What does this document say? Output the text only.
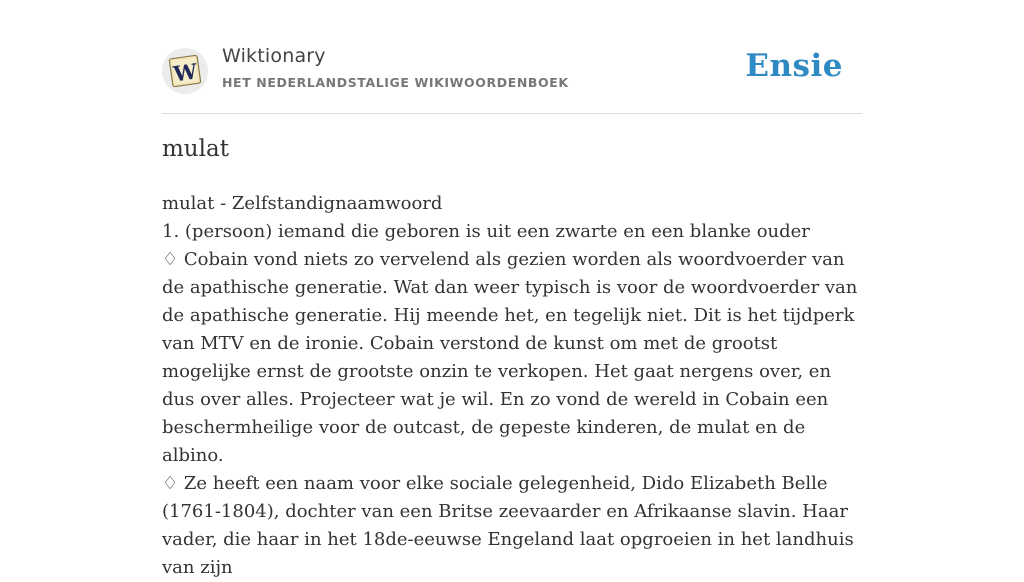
W
Wiktionary
HET NEDERLANDSTALIGE WIKIWOORDENBOEK	Ensie
mulat

mulat - Zelfstandignaamwoord

1. (persoon) iemand die geboren is uit een zwarte en een blanke ouder

♢ Cobain vond niets zo vervelend als gezien worden als woordvoerder van de apathische generatie. Wat dan weer typisch is voor de woordvoerder van de apathische generatie. Hij meende het, en tegelijk niet. Dit is het tijdperk van MTV en de ironie. Cobain verstond de kunst om met de grootst mogelijke ernst de grootste onzin te verkopen. Het gaat nergens over, en dus over alles. Projecteer wat je wil. En zo vond de wereld in Cobain een beschermheilige voor de outcast, de gepeste kinderen, de mulat en de albino.

♢ Ze heeft een naam voor elke sociale gelegenheid, Dido Elizabeth Belle (1761-1804), dochter van een Britse zeevaarder en Afrikaanse slavin. Haar vader, die haar in het 18de-eeuwse Engeland laat opgroeien in het landhuis van zijn
